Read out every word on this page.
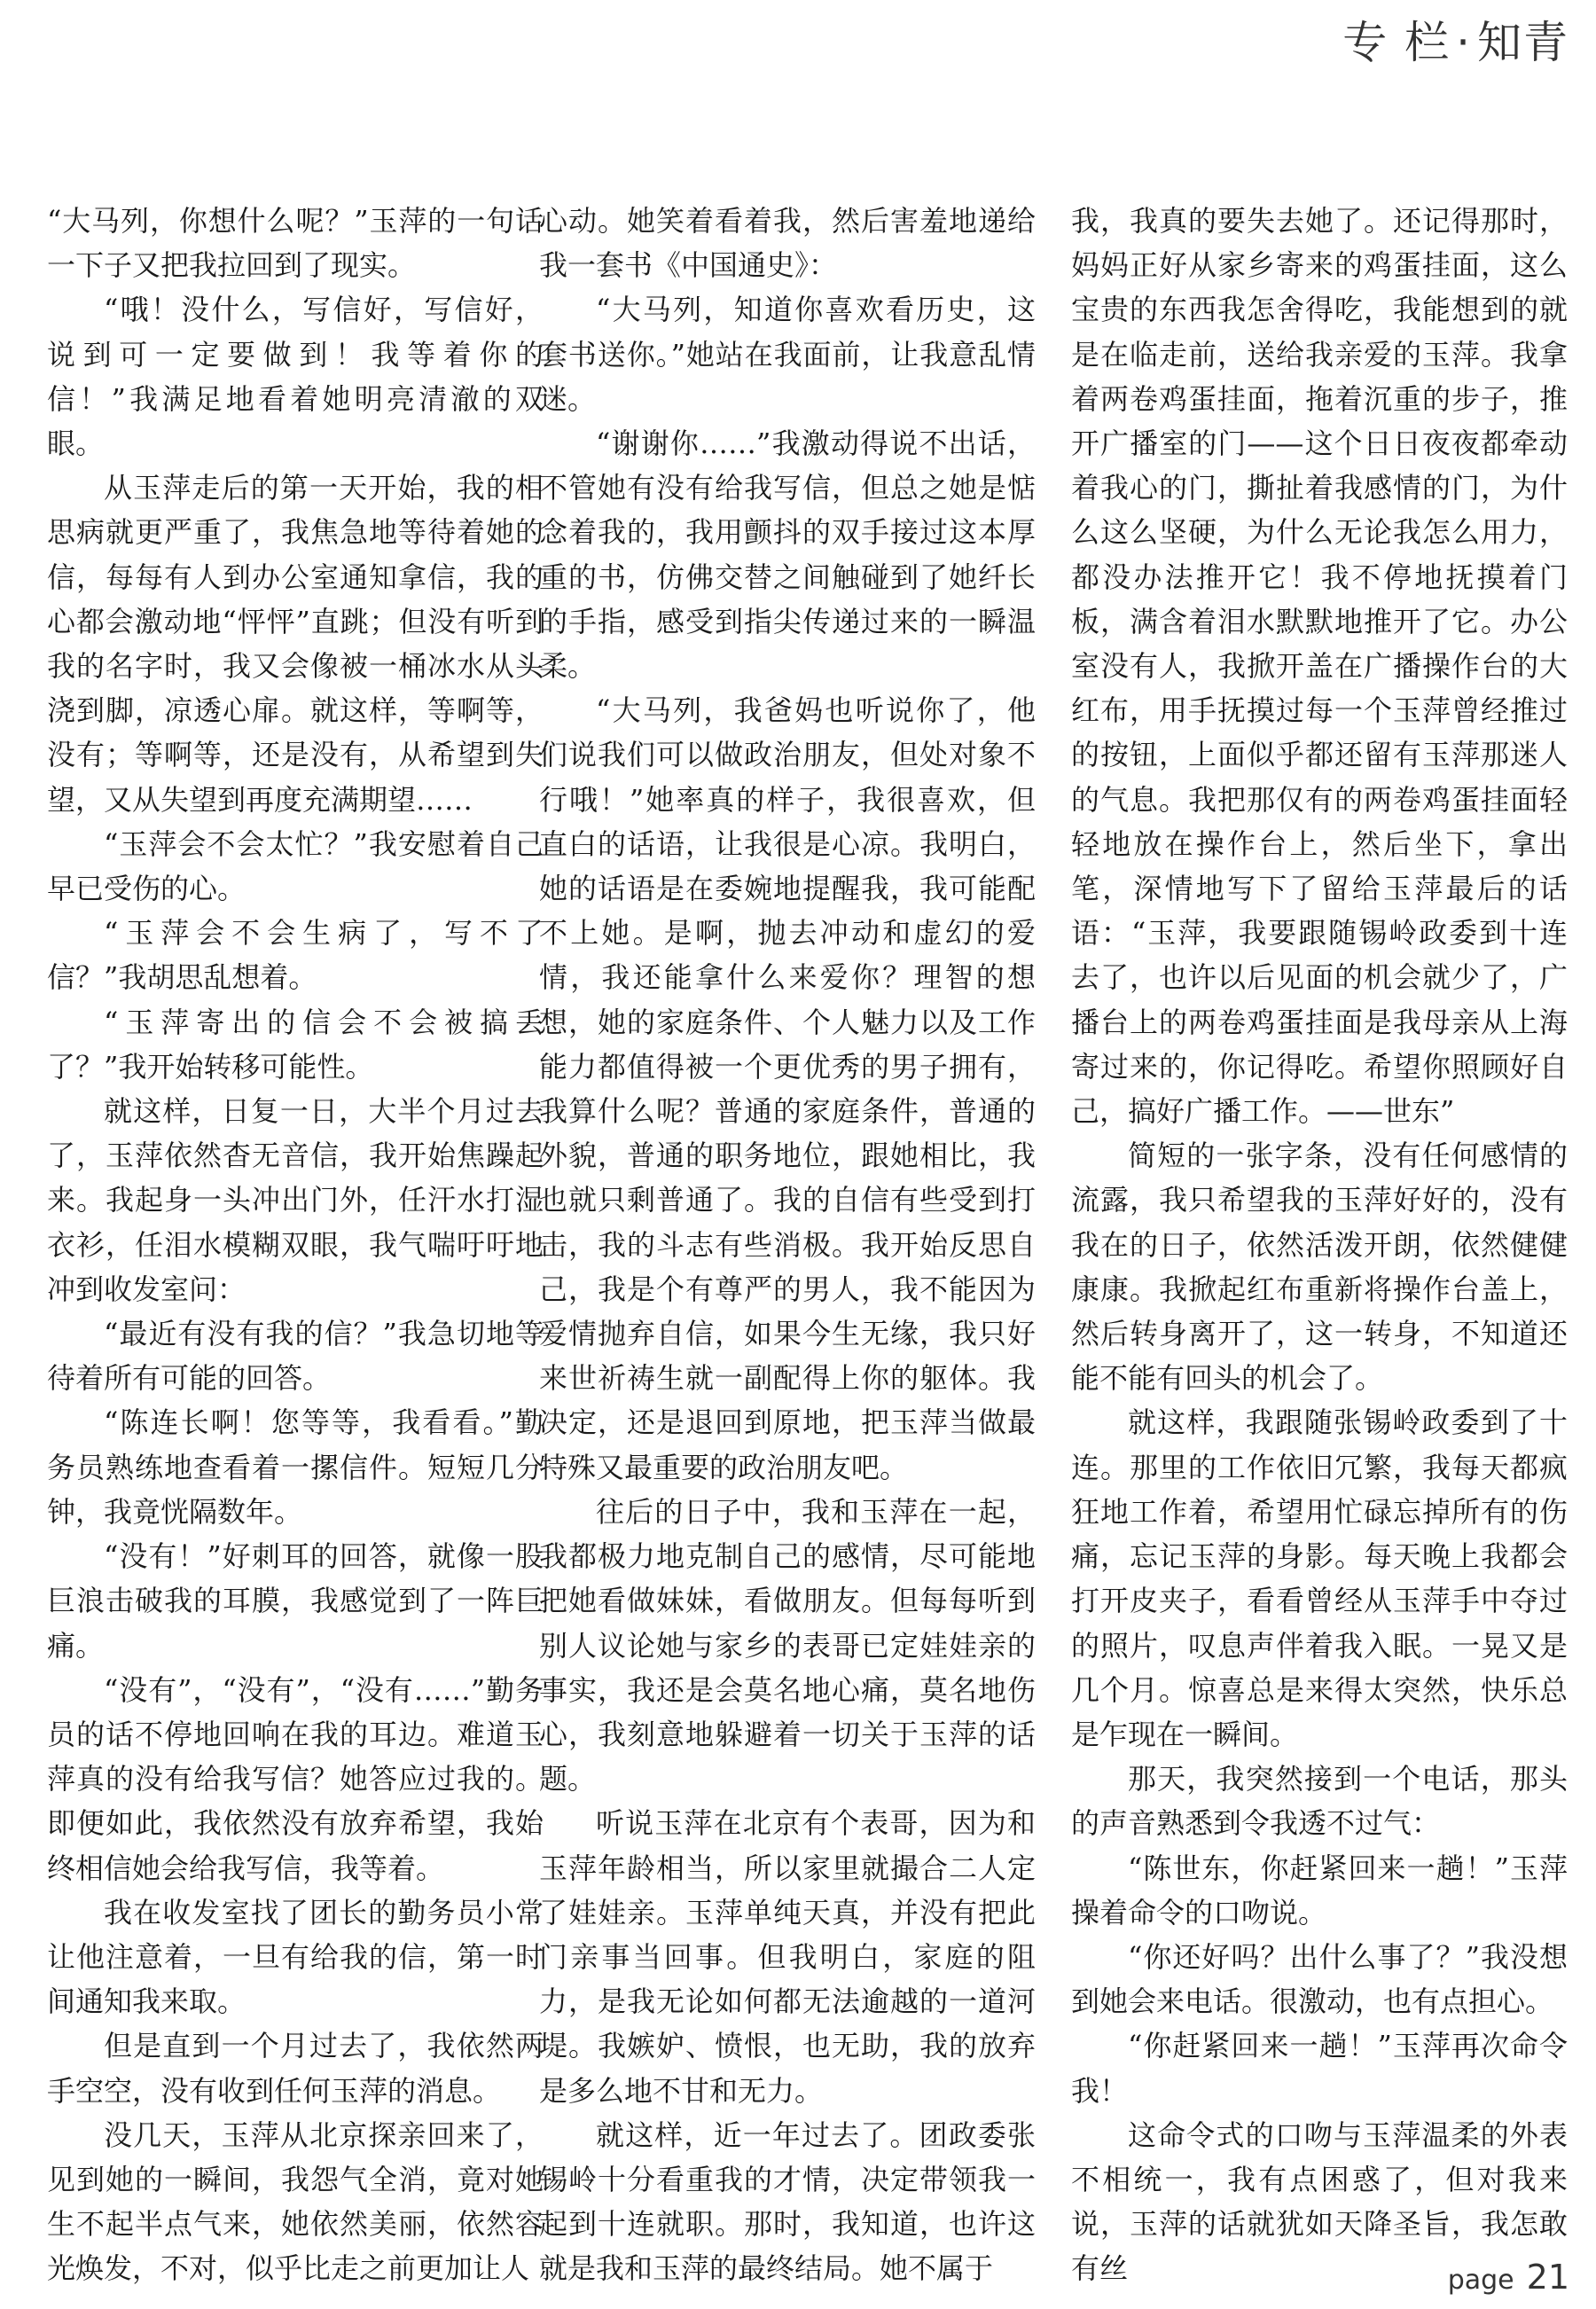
专 栏 · 知青

“大马列，你想什么呢？”玉萍的一句话一下子又把我拉回到了现实。

“哦！没什么，写信好，写信好，说到可一定要做到！我等着你的信！”我满足地看着她明亮清澈的双眼。

从玉萍走后的第一天开始，我的相思病就更严重了，我焦急地等待着她的信，每每有人到办公室通知拿信，我的心都会激动地“怦怦”直跳；但没有听到我的名字时，我又会像被一桶冰水从头浇到脚，凉透心扉。就这样，等啊等，没有；等啊等，还是没有，从希望到失望，又从失望到再度充满期望……

“玉萍会不会太忙？”我安慰着自己早已受伤的心。

“玉萍会不会生病了，写不了信？”我胡思乱想着。

“玉萍寄出的信会不会被搞丢了？”我开始转移可能性。

就这样，日复一日，大半个月过去了，玉萍依然杳无音信，我开始焦躁起来。我起身一头冲出门外，任汗水打湿衣衫，任泪水模糊双眼，我气喘吁吁地冲到收发室问：

“最近有没有我的信？”我急切地等待着所有可能的回答。

“陈连长啊！您等等，我看看。”勤务员熟练地查看着一摞信件。短短几分钟，我竟恍隔数年。

“没有！”好刺耳的回答，就像一股巨浪击破我的耳膜，我感觉到了一阵巨痛。

“没有”，“没有”，“没有……”勤务员的话不停地回响在我的耳边。难道玉萍真的没有给我写信？她答应过我的。即便如此，我依然没有放弃希望，我始终相信她会给我写信，我等着。

我在收发室找了团长的勤务员小常让他注意着，一旦有给我的信，第一时间通知我来取。

但是直到一个月过去了，我依然两手空空，没有收到任何玉萍的消息。

没几天，玉萍从北京探亲回来了，见到她的一瞬间，我怨气全消，竟对她生不起半点气来，她依然美丽，依然容光焕发，不对，似乎比走之前更加让人

心动。她笑着看着我，然后害羞地递给我一套书《中国通史》：

“大马列，知道你喜欢看历史，这套书送你。”她站在我面前，让我意乱情迷。

“谢谢你……”我激动得说不出话，不管她有没有给我写信，但总之她是惦念着我的，我用颤抖的双手接过这本厚重的书，仿佛交替之间触碰到了她纤长的手指，感受到指尖传递过来的一瞬温柔。

“大马列，我爸妈也听说你了，他们说我们可以做政治朋友，但处对象不行哦！”她率真的样子，我很喜欢，但直白的话语，让我很是心凉。我明白，她的话语是在委婉地提醒我，我可能配不上她。是啊，抛去冲动和虚幻的爱情，我还能拿什么来爱你？理智的想想，她的家庭条件、个人魅力以及工作能力都值得被一个更优秀的男子拥有，我算什么呢？普通的家庭条件，普通的外貌，普通的职务地位，跟她相比，我也就只剩普通了。我的自信有些受到打击，我的斗志有些消极。我开始反思自己，我是个有尊严的男人，我不能因为爱情抛弃自信，如果今生无缘，我只好来世祈祷生就一副配得上你的躯体。我决定，还是退回到原地，把玉萍当做最特殊又最重要的政治朋友吧。

往后的日子中，我和玉萍在一起，我都极力地克制自己的感情，尽可能地把她看做妹妹，看做朋友。但每每听到别人议论她与家乡的表哥已定娃娃亲的事实，我还是会莫名地心痛，莫名地伤心，我刻意地躲避着一切关于玉萍的话题。

听说玉萍在北京有个表哥，因为和玉萍年龄相当，所以家里就撮合二人定了娃娃亲。玉萍单纯天真，并没有把此门亲事当回事。但我明白，家庭的阻力，是我无论如何都无法逾越的一道河堤。我嫉妒、愤恨，也无助，我的放弃是多么地不甘和无力。

就这样，近一年过去了。团政委张锡岭十分看重我的才情，决定带领我一起到十连就职。那时，我知道，也许这就是我和玉萍的最终结局。她不属于

我，我真的要失去她了。还记得那时，妈妈正好从家乡寄来的鸡蛋挂面，这么宝贵的东西我怎舍得吃，我能想到的就是在临走前，送给我亲爱的玉萍。我拿着两卷鸡蛋挂面，拖着沉重的步子，推开广播室的门——这个日日夜夜都牵动着我心的门，撕扯着我感情的门，为什么这么坚硬，为什么无论我怎么用力，都没办法推开它！我不停地抚摸着门板，满含着泪水默默地推开了它。办公室没有人，我掀开盖在广播操作台的大红布，用手抚摸过每一个玉萍曾经推过的按钮，上面似乎都还留有玉萍那迷人的气息。我把那仅有的两卷鸡蛋挂面轻轻地放在操作台上，然后坐下，拿出笔，深情地写下了留给玉萍最后的话语：“玉萍，我要跟随锡岭政委到十连去了，也许以后见面的机会就少了，广播台上的两卷鸡蛋挂面是我母亲从上海寄过来的，你记得吃。希望你照顾好自己，搞好广播工作。——世东”

简短的一张字条，没有任何感情的流露，我只希望我的玉萍好好的，没有我在的日子，依然活泼开朗，依然健健康康。我掀起红布重新将操作台盖上，然后转身离开了，这一转身，不知道还能不能有回头的机会了。

就这样，我跟随张锡岭政委到了十连。那里的工作依旧冗繁，我每天都疯狂地工作着，希望用忙碌忘掉所有的伤痛，忘记玉萍的身影。每天晚上我都会打开皮夹子，看看曾经从玉萍手中夺过的照片，叹息声伴着我入眠。一晃又是几个月。惊喜总是来得太突然，快乐总是乍现在一瞬间。

那天，我突然接到一个电话，那头的声音熟悉到令我透不过气：

“陈世东，你赶紧回来一趟！”玉萍操着命令的口吻说。

“你还好吗？出什么事了？”我没想到她会来电话。很激动，也有点担心。

“你赶紧回来一趟！”玉萍再次命令我！

这命令式的口吻与玉萍温柔的外表不相统一，我有点困惑了，但对我来说，玉萍的话就犹如天降圣旨，我怎敢有丝	page 21
